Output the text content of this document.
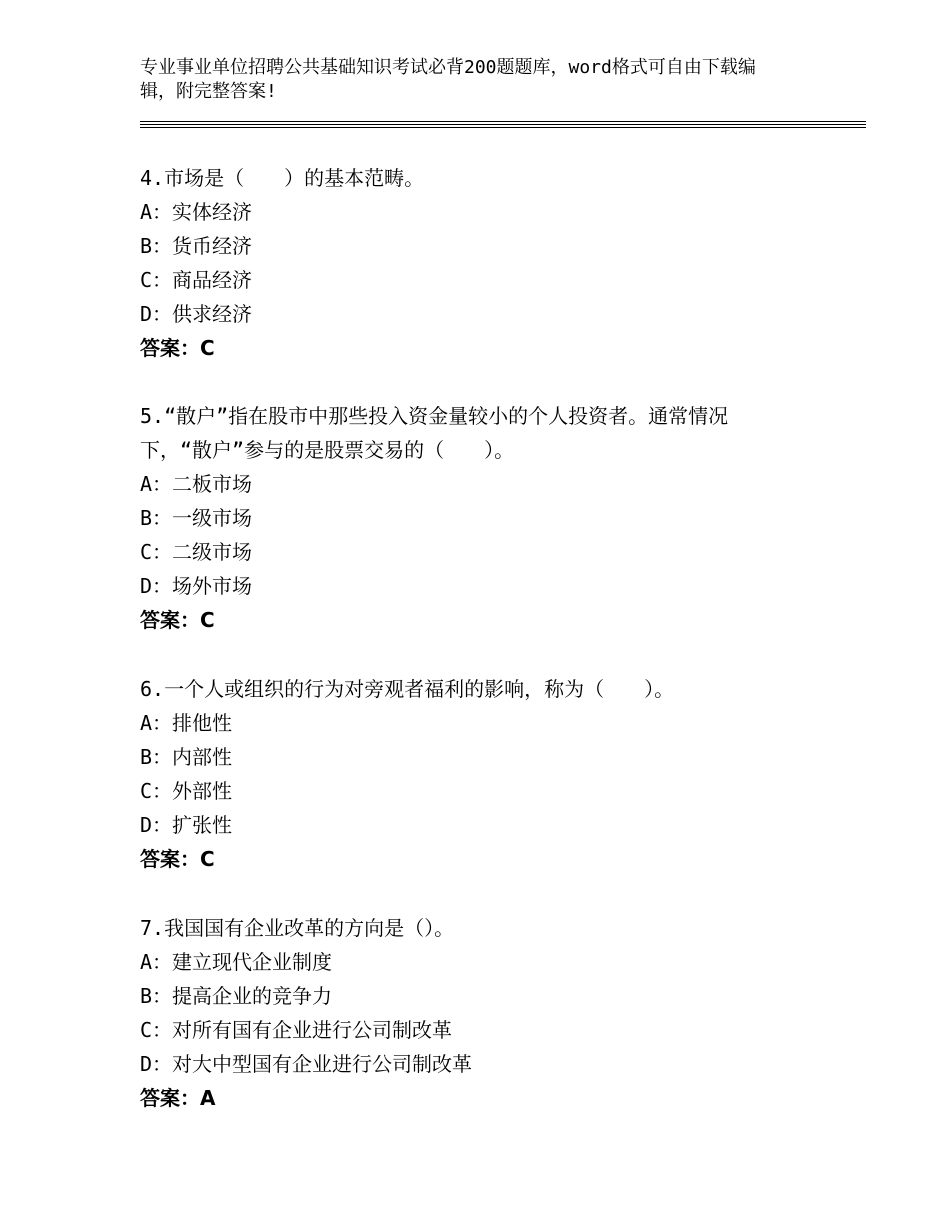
专业事业单位招聘公共基础知识考试必背200题题库，word格式可自由下载编辑，附完整答案!

4.市场是（　　）的基本范畴。

A：实体经济

B：货币经济

C：商品经济

D：供求经济

答案：C

5.“散户”指在股市中那些投入资金量较小的个人投资者。通常情况下，“散户”参与的是股票交易的（　　）。

A：二板市场

B：一级市场

C：二级市场

D：场外市场

答案：C

6.一个人或组织的行为对旁观者福利的影响，称为（　　）。

A：排他性

B：内部性

C：外部性

D：扩张性

答案：C

7.我国国有企业改革的方向是（）。

A：建立现代企业制度

B：提高企业的竞争力

C：对所有国有企业进行公司制改革

D：对大中型国有企业进行公司制改革

答案：A
